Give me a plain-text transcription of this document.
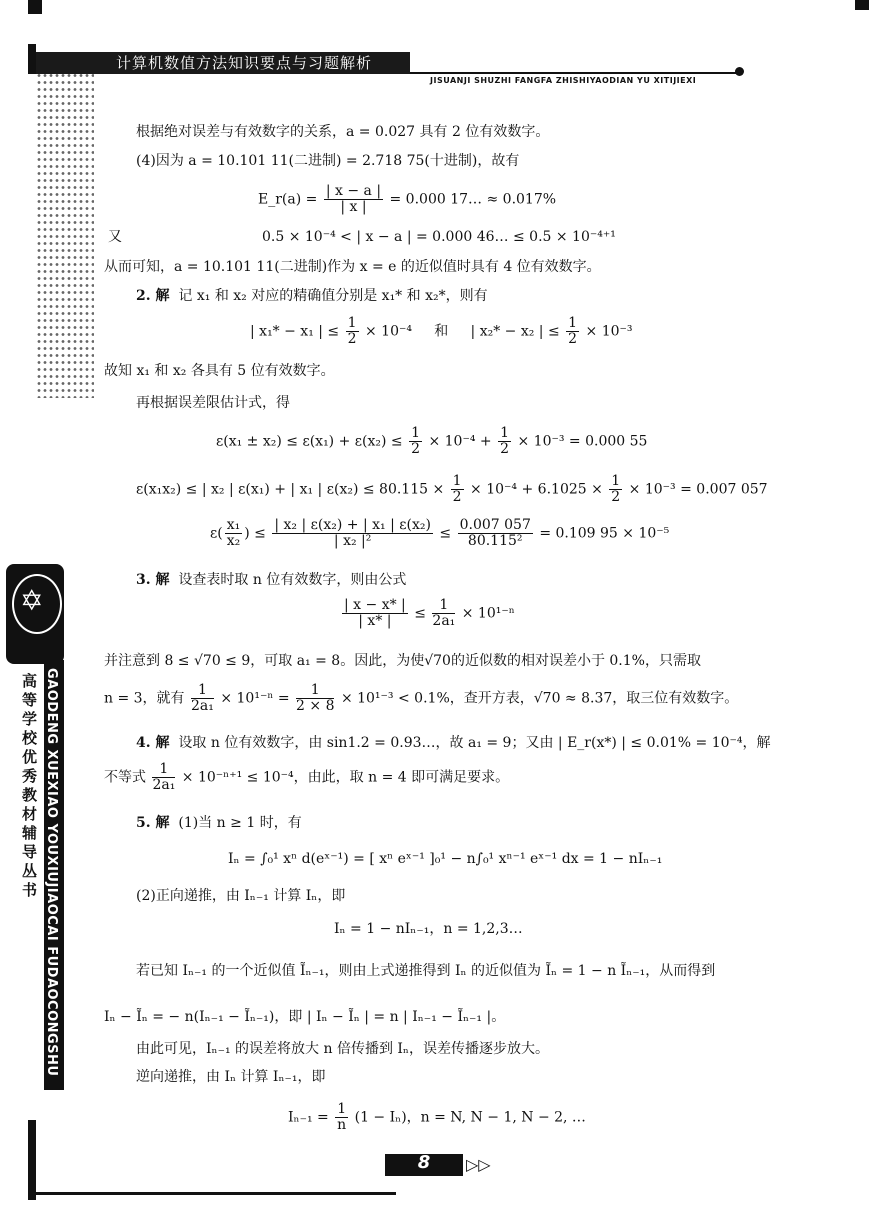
计算机数值方法知识要点与习题解析
JISUANJI SHUZHI FANGFA ZHISHIYAODIAN YU XITIJIEXI
✡
高等学校优秀教材辅导丛书 GAODENG XUEXIAO YOUXIUJIAOCAI FUDAOCONGSHU
8	▷▷
根据绝对误差与有效数字的关系，a = 0.027 具有 2 位有效数字。
(4)因为 a = 10.101 11(二进制) = 2.718 75(十进制)，故有
E_r(a) = $\frac{| x - a |}{| x |} = 0.000$ 17… ≈ 0.017%
又	0.5 × 10⁻⁴ < | x − a | = 0.000 46… ≤ 0.5 × 10⁻⁴⁺¹
从而可知，a = 10.101 11(二进制)作为 x = e 的近似值时具有 4 位有效数字。
2. 解 记 x₁ 和 x₂ 对应的精确值分别是 x₁* 和 x₂*，则有
| x₁* − x₁ | ≤ $\frac{1}{2} \times 10^{-4}$ 和 | x₂* − x₂ | ≤ $\frac{1}{2} \times 10^{-3}$
故知 x₁ 和 x₂ 各具有 5 位有效数字。
再根据误差限估计式，得
$\varepsilon(x_1 \pm x_2) \le \varepsilon(x_1) + \varepsilon(x_2) \le \frac{1}{2} \times 10^{-4} + \frac{1}{2} \times 10^{-3} = 0.000$ 55
ε(x₁x₂) ≤ | x₂ | ε(x₁) + | x₁ | $\varepsilon(x_2) \le 80.115 \times \frac{1}{2} \times 10^{-4} + 6.1025 \times \frac{1}{2} \times 10^{-3} = 0.007$ 057
$\varepsilon( \frac{\text{x₁}}{\text{x₂}}$ ) ≤ $\frac{\text{| x₂ | ε(x₂) + | x₁ | ε(x₂)}}{\text{| x₂ |²}} \le \frac{0.007 057}{\text{80.115²}} = 0.109$ 95 × 10⁻⁵
3. 解 设查表时取 n 位有效数字，则由公式
$\frac{| x - x* |}{| x* |} \le \frac{1}{\text{2a₁}} \times 10^{1-n}$
并注意到 8 ≤ √70 ≤ 9，可取 a₁ = 8。因此，为使√70的近似数的相对误差小于 0.1%，只需取
n = 3，就有 $\frac{1}{\text{2a₁}} \times 10^{1-n} = \frac{1}{2 \times 8} \times 10^{1-3} < 0.1\%$，查开方表，√70 ≈ 8.37，取三位有效数字。
4. 解 设取 n 位有效数字，由 sin1.2 = 0.93…，故 a₁ = 9；又由 | E_r(x*) | ≤ 0.01% = 10⁻⁴，解
不等式 $\frac{1}{\text{2a₁}} \times 10^{-n+1} \le 10^{-4}$，由此，取 n = 4 即可满足要求。
5. 解 (1)当 n ≥ 1 时，有
Iₙ = ∫₀¹ xⁿ d(eˣ⁻¹) = [ xⁿ eˣ⁻¹ ]₀¹ − n∫₀¹ xⁿ⁻¹ eˣ⁻¹ dx = 1 − nIₙ₋₁
(2)正向递推，由 Iₙ₋₁ 计算 Iₙ，即
Iₙ = 1 − nIₙ₋₁，n = 1,2,3…
若已知 Iₙ₋₁ 的一个近似值 Ĩₙ₋₁，则由上式递推得到 Iₙ 的近似值为 Ĩₙ = 1 − n Ĩₙ₋₁，从而得到
Iₙ − Ĩₙ = − n(Iₙ₋₁ − Ĩₙ₋₁)，即 | Iₙ − Ĩₙ | = n | Iₙ₋₁ − Ĩₙ₋₁ |。
由此可见，Iₙ₋₁ 的误差将放大 n 倍传播到 Iₙ，误差传播逐步放大。
逆向递推，由 Iₙ 计算 Iₙ₋₁，即
$I_{n-1} = \frac{1}{n} (1 - I_n)$，n = N, N − 1, N − 2, …
